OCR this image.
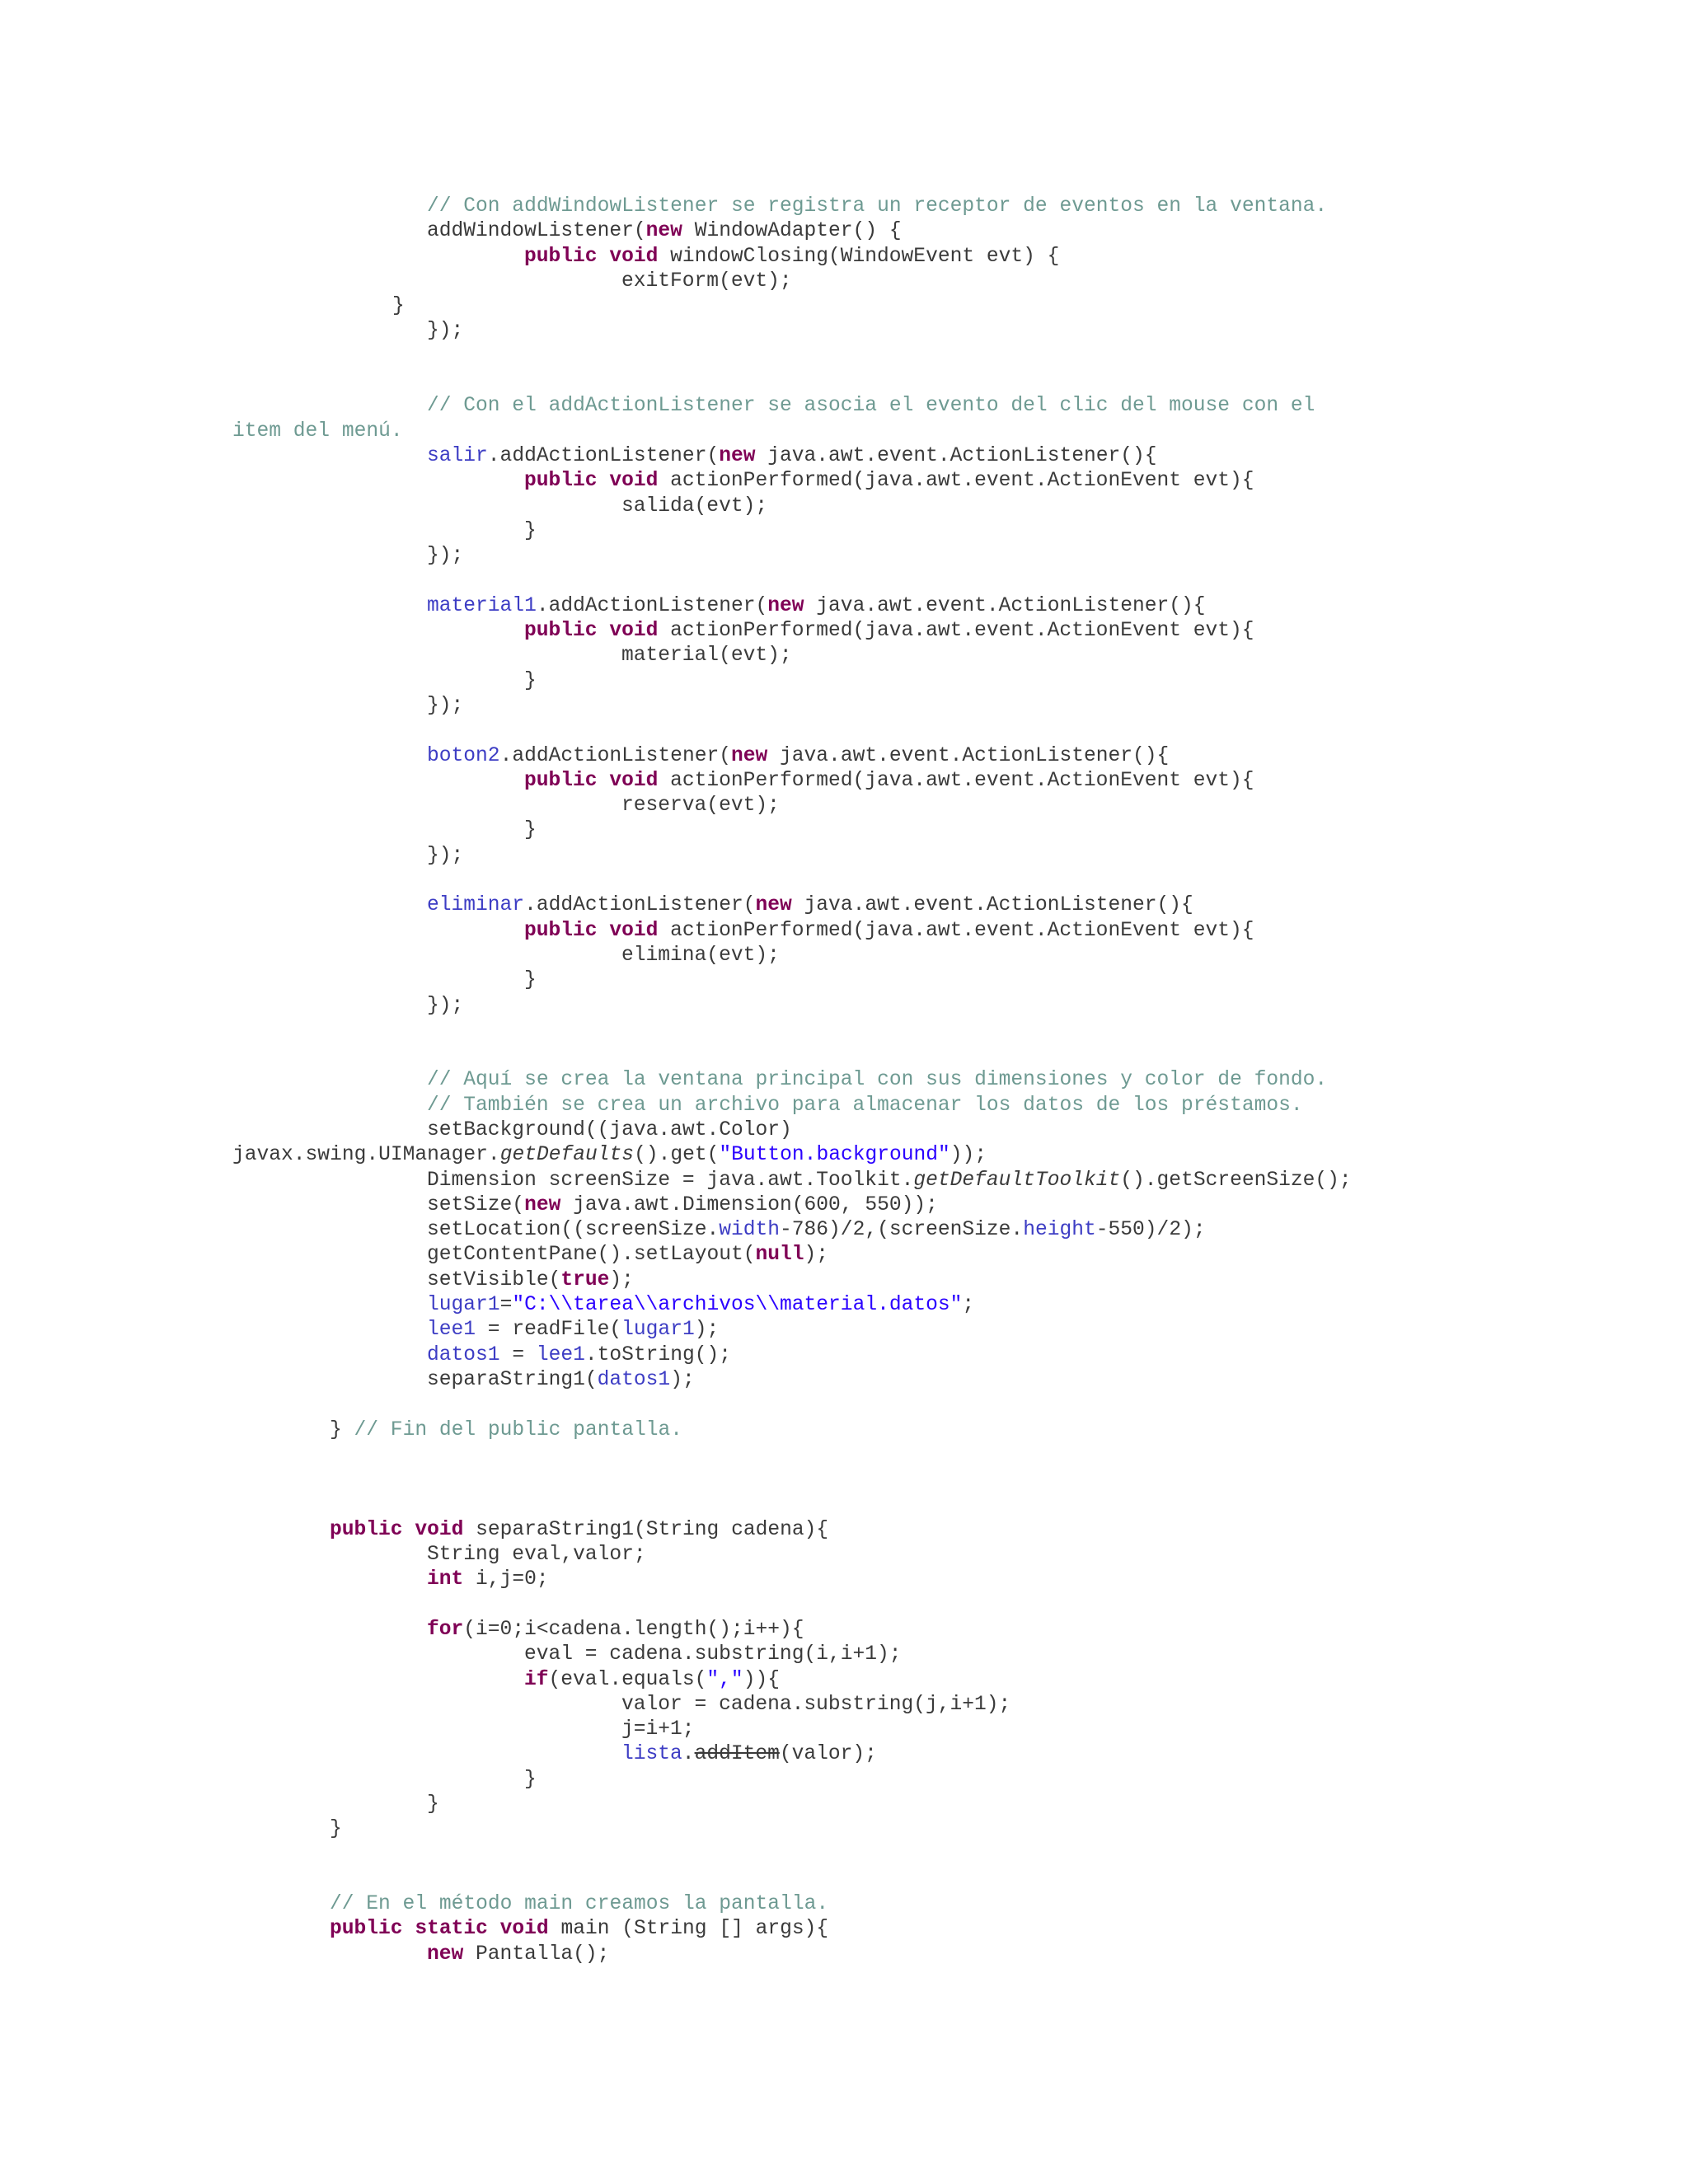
// Con addWindowListener se registra un receptor de eventos en la ventana.
addWindowListener(new WindowAdapter() {
public void windowClosing(WindowEvent evt) {
exitForm(evt);
}
});
// Con el addActionListener se asocia el evento del clic del mouse con el
item del menú.
salir.addActionListener(new java.awt.event.ActionListener(){
public void actionPerformed(java.awt.event.ActionEvent evt){
salida(evt);
}
});
material1.addActionListener(new java.awt.event.ActionListener(){
public void actionPerformed(java.awt.event.ActionEvent evt){
material(evt);
}
});
boton2.addActionListener(new java.awt.event.ActionListener(){
public void actionPerformed(java.awt.event.ActionEvent evt){
reserva(evt);
}
});
eliminar.addActionListener(new java.awt.event.ActionListener(){
public void actionPerformed(java.awt.event.ActionEvent evt){
elimina(evt);
}
});
// Aquí se crea la ventana principal con sus dimensiones y color de fondo.
// También se crea un archivo para almacenar los datos de los préstamos.
setBackground((java.awt.Color)
javax.swing.UIManager.getDefaults().get("Button.background"));
Dimension screenSize = java.awt.Toolkit.getDefaultToolkit().getScreenSize();
setSize(new java.awt.Dimension(600, 550));
setLocation((screenSize.width-786)/2,(screenSize.height-550)/2);
getContentPane().setLayout(null);
setVisible(true);
lugar1="C:\\tarea\\archivos\\material.datos";
lee1 = readFile(lugar1);
datos1 = lee1.toString();
separaString1(datos1);
} // Fin del public pantalla.
public void separaString1(String cadena){
String eval,valor;
int i,j=0;
for(i=0;i<cadena.length();i++){
eval = cadena.substring(i,i+1);
if(eval.equals(",")){
valor = cadena.substring(j,i+1);
j=i+1;
lista.addItem(valor);
}
}
}
// En el método main creamos la pantalla.
public static void main (String [] args){
new Pantalla();
